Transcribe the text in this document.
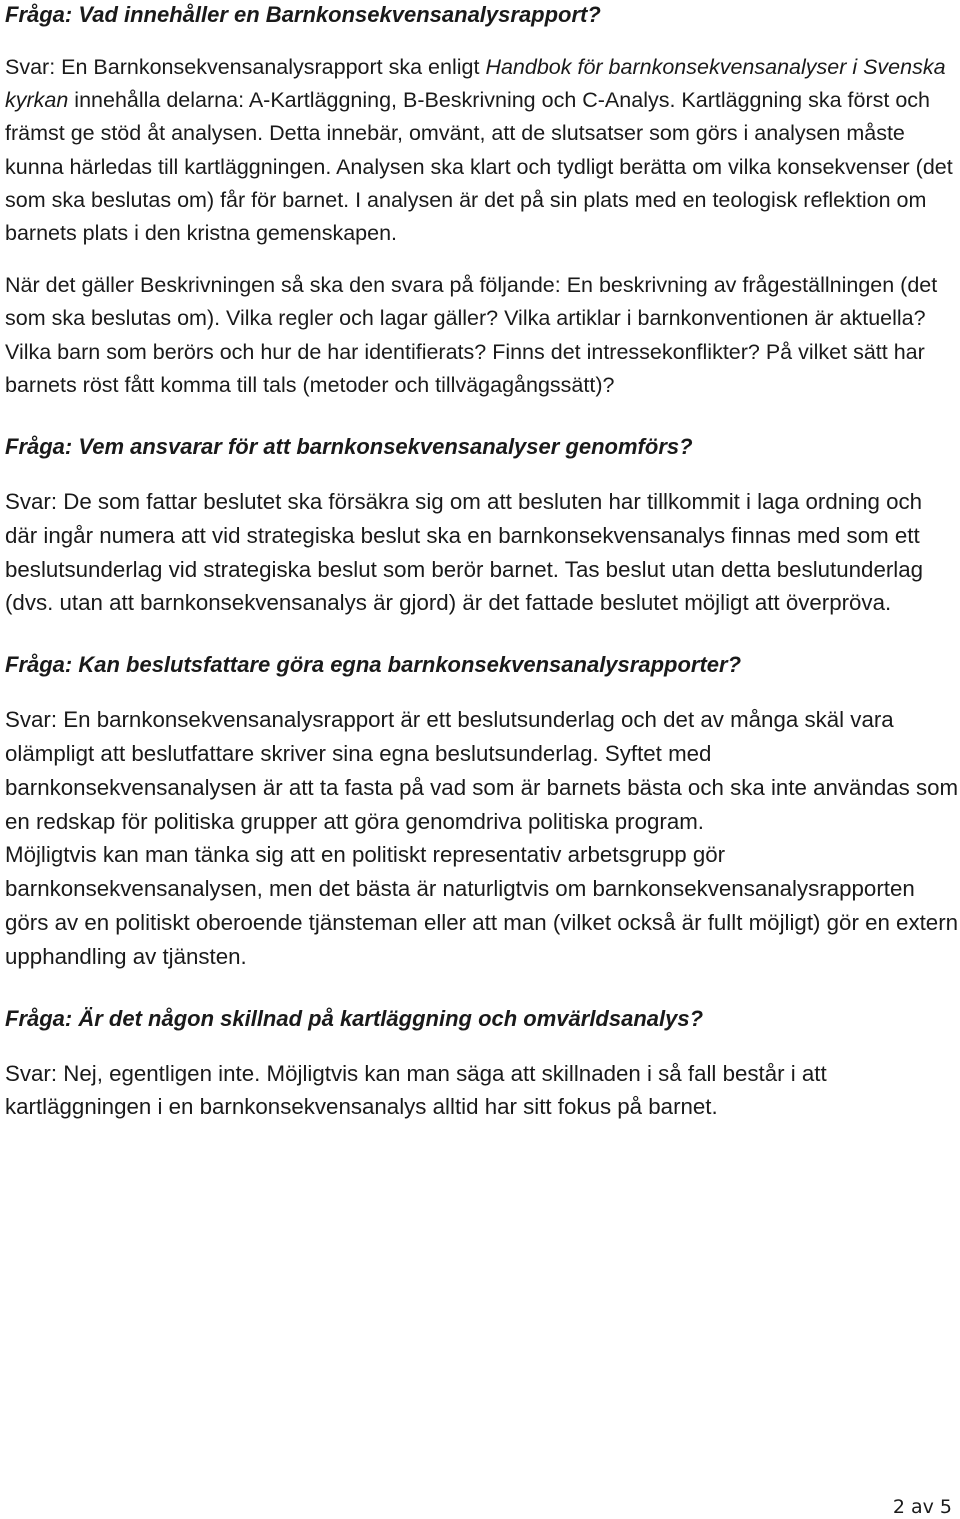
Fråga: Vad innehåller en Barnkonsekvensanalysrapport?

Svar: En Barnkonsekvensanalysrapport ska enligt Handbok för barnkonsekvensanalyser i Svenska kyrkan innehålla delarna: A-Kartläggning, B-Beskrivning och C-Analys. Kartläggning ska först och främst ge stöd åt analysen. Detta innebär, omvänt, att de slutsatser som görs i analysen måste kunna härledas till kartläggningen. Analysen ska klart och tydligt berätta om vilka konsekvenser (det som ska beslutas om) får för barnet. I analysen är det på sin plats med en teologisk reflektion om barnets plats i den kristna gemenskapen.

När det gäller Beskrivningen så ska den svara på följande: En beskrivning av frågeställningen (det som ska beslutas om). Vilka regler och lagar gäller? Vilka artiklar i barnkonventionen är aktuella? Vilka barn som berörs och hur de har identifierats? Finns det intressekonflikter? På vilket sätt har barnets röst fått komma till tals (metoder och tillvägagångssätt)?

Fråga: Vem ansvarar för att barnkonsekvensanalyser genomförs?

Svar: De som fattar beslutet ska försäkra sig om att besluten har tillkommit i laga ordning och där ingår numera att vid strategiska beslut ska en barnkonsekvensanalys finnas med som ett beslutsunderlag vid strategiska beslut som berör barnet. Tas beslut utan detta beslutunderlag (dvs. utan att barnkonsekvensanalys är gjord) är det fattade beslutet möjligt att överpröva.

Fråga: Kan beslutsfattare göra egna barnkonsekvensanalysrapporter?

Svar: En barnkonsekvensanalysrapport är ett beslutsunderlag och det av många skäl vara olämpligt att beslutfattare skriver sina egna beslutsunderlag. Syftet med barnkonsekvensanalysen är att ta fasta på vad som är barnets bästa och ska inte användas som en redskap för politiska grupper att göra genomdriva politiska program.

Möjligtvis kan man tänka sig att en politiskt representativ arbetsgrupp gör barnkonsekvensanalysen, men det bästa är naturligtvis om barnkonsekvensanalysrapporten görs av en politiskt oberoende tjänsteman eller att man (vilket också är fullt möjligt) gör en extern upphandling av tjänsten.

Fråga: Är det någon skillnad på kartläggning och omvärldsanalys?

Svar: Nej, egentligen inte. Möjligtvis kan man säga att skillnaden i så fall består i att kartläggningen i en barnkonsekvensanalys alltid har sitt fokus på barnet.

2 av 5
